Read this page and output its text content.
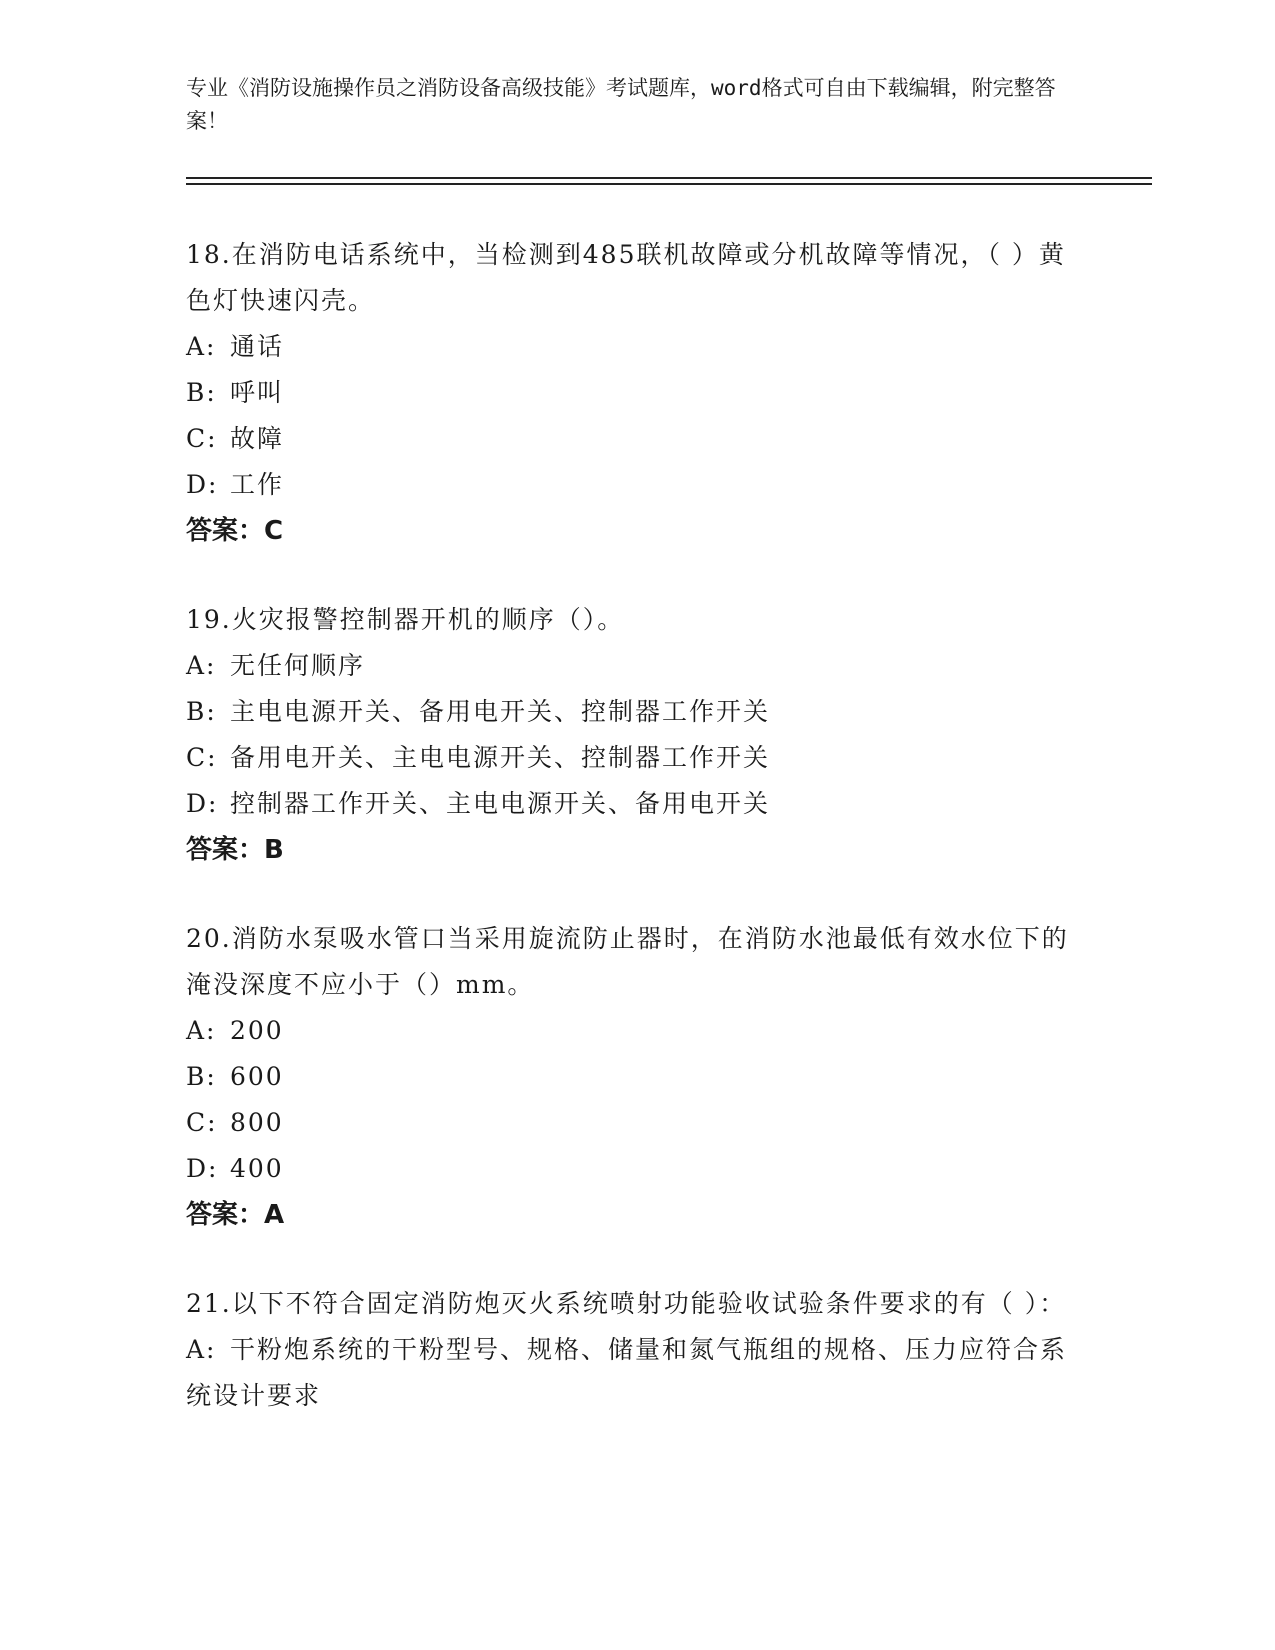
专业《消防设施操作员之消防设备高级技能》考试题库，word格式可自由下载编辑，附完整答案！

18.在消防电话系统中，当检测到485联机故障或分机故障等情况，（ ）黄色灯快速闪壳。

A: 通话

B: 呼叫

C: 故障

D: 工作

答案：C

19.火灾报警控制器开机的顺序（）。

A: 无任何顺序

B: 主电电源开关、备用电开关、控制器工作开关

C: 备用电开关、主电电源开关、控制器工作开关

D: 控制器工作开关、主电电源开关、备用电开关

答案：B

20.消防水泵吸水管口当采用旋流防止器时，在消防水池最低有效水位下的淹没深度不应小于（）mm。

A: 200

B: 600

C: 800

D: 400

答案：A

21.以下不符合固定消防炮灭火系统喷射功能验收试验条件要求的有（ ）：

A: 干粉炮系统的干粉型号、规格、储量和氮气瓶组的规格、压力应符合系统设计要求
